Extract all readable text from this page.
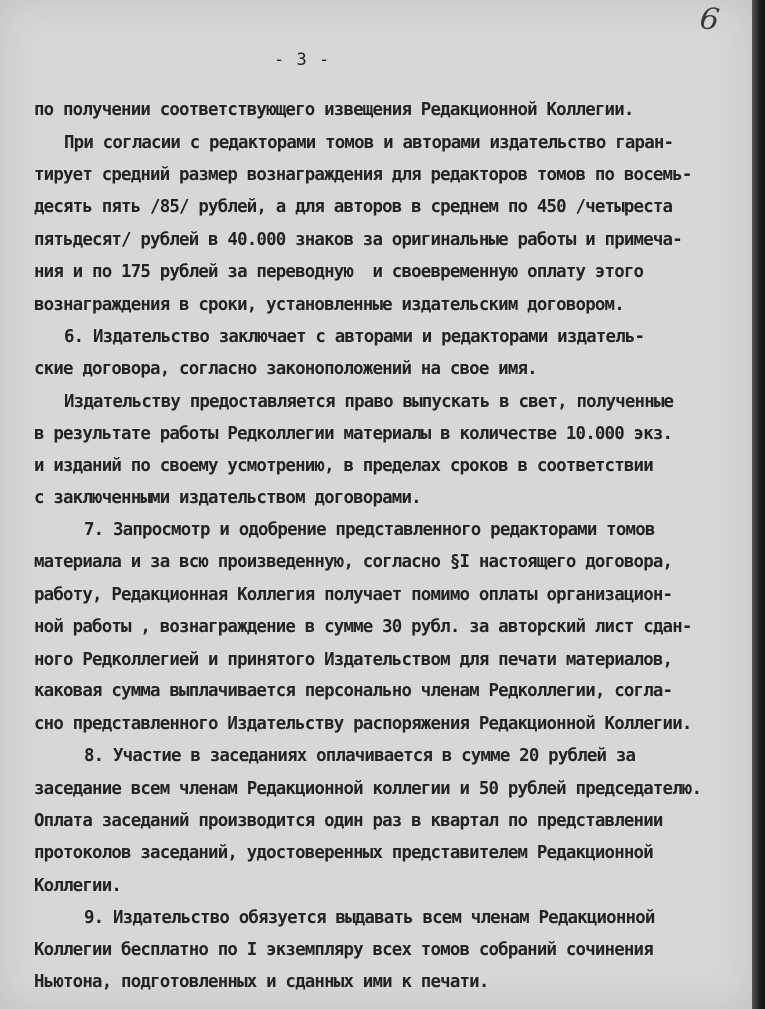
6
- 3 -
по получении соответствующего извещения Редакционной Коллегии.
При согласии с редакторами томов и авторами издательство гаран-
тирует средний размер вознаграждения для редакторов томов по восемь-
десять пять /85/ рублей, а для авторов в среднем по 450 /четыреста
пятьдесят/ рублей в 40.000 знаков за оригинальные работы и примеча-
ния и по 175 рублей за переводную  и своевременную оплату этого
вознаграждения в сроки, установленные издательским договором.
6. Издательство заключает с авторами и редакторами издатель-
ские договора, согласно законоположений на свое имя.
Издательству предоставляется право выпускать в свет, полученные
в результате работы Редколлегии материалы в количестве 10.000 экз.
и изданий по своему усмотрению, в пределах сроков в соответствии
с заключенными издательством договорами.
7. Запросмотр и одобрение представленного редакторами томов
материала и за всю произведенную, согласно §I настоящего договора,
работу, Редакционная Коллегия получает помимо оплаты организацион-
ной работы , вознаграждение в сумме 30 рубл. за авторский лист сдан-
ного Редколлегией и принятого Издательством для печати материалов,
каковая сумма выплачивается персонально членам Редколлегии, согла-
сно представленного Издательству распоряжения Редакционной Коллегии.
8. Участие в заседаниях оплачивается в сумме 20 рублей за
заседание всем членам Редакционной коллегии и 50 рублей председателю.
Оплата заседаний производится один раз в квартал по представлении
протоколов заседаний, удостоверенных представителем Редакционной
Коллегии.
9. Издательство обязуется выдавать всем членам Редакционной
Коллегии бесплатно по I экземпляру всех томов собраний сочинения
Ньютона, подготовленных и сданных ими к печати.
